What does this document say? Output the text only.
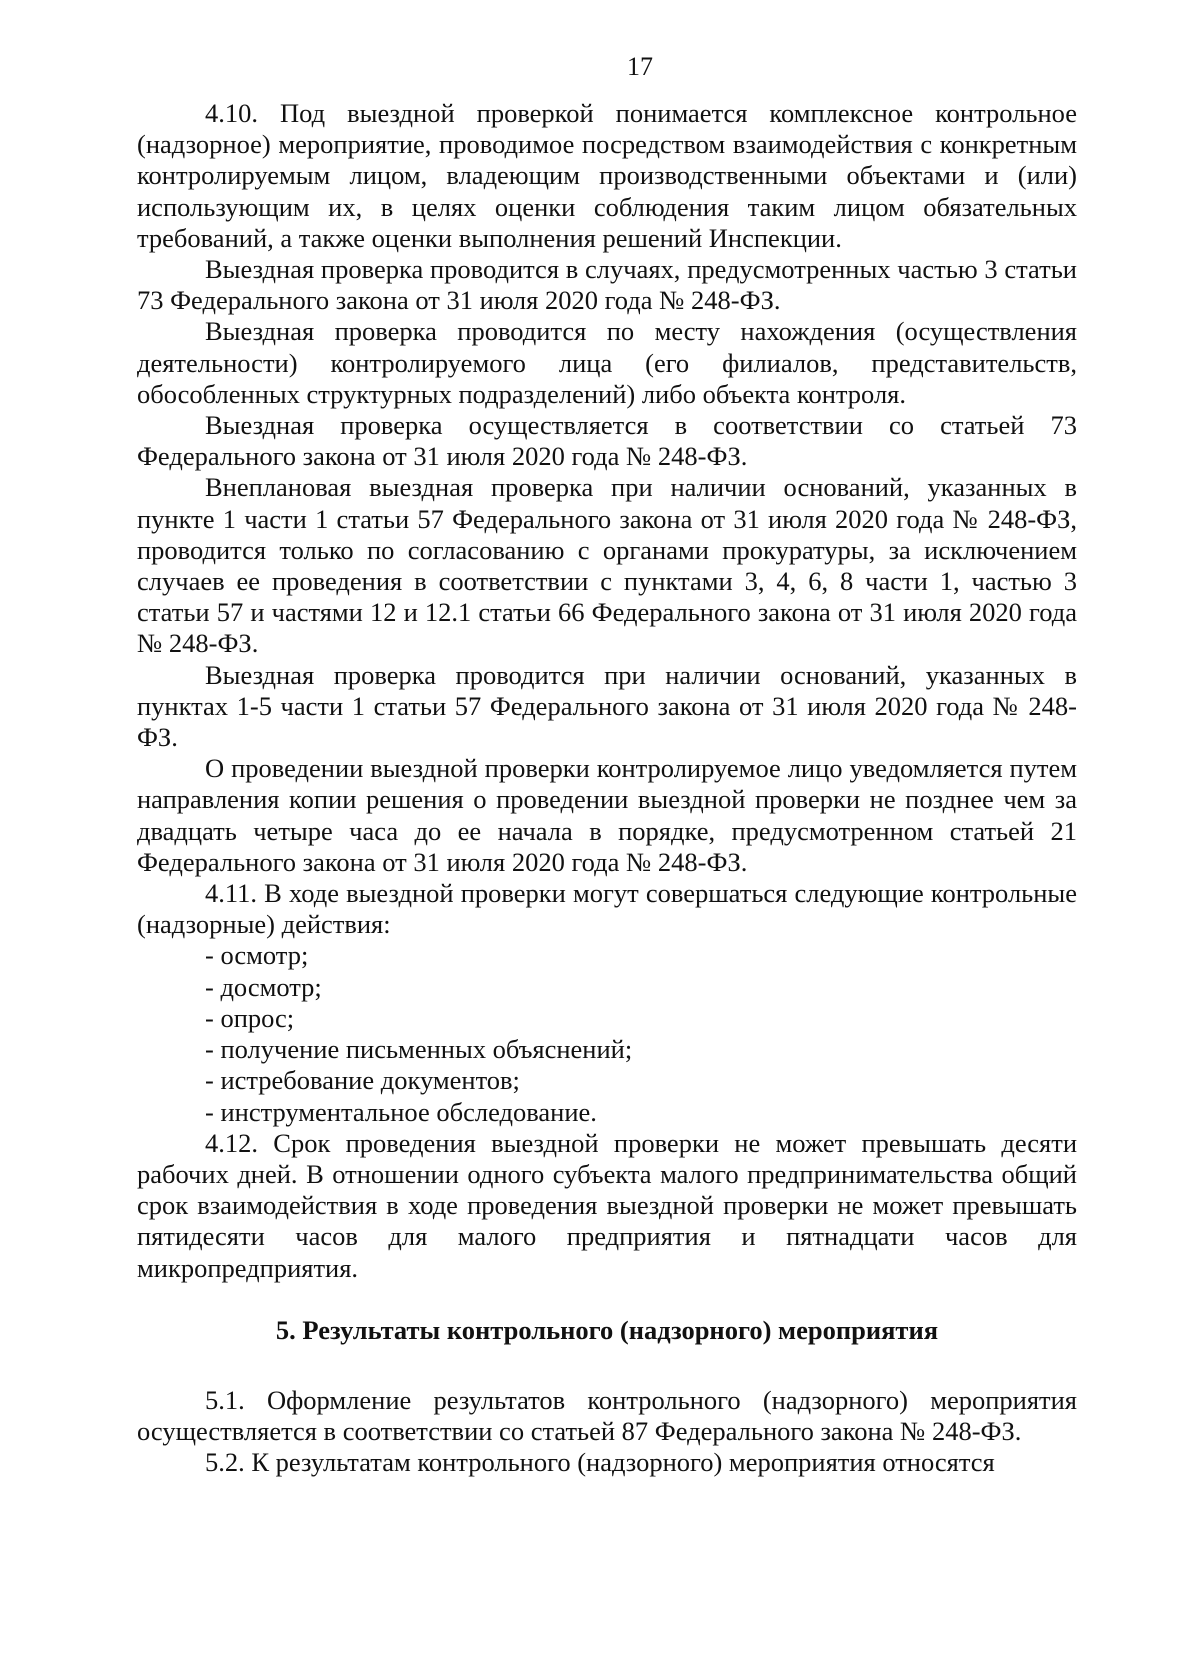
17

4.10. Под выездной проверкой понимается комплексное контрольное (надзорное) мероприятие, проводимое посредством взаимодействия с конкретным контролируемым лицом, владеющим производственными объектами и (или) использующим их, в целях оценки соблюдения таким лицом обязательных требований, а также оценки выполнения решений Инспекции.

Выездная проверка проводится в случаях, предусмотренных частью 3 статьи 73 Федерального закона от 31 июля 2020 года № 248-ФЗ.

Выездная проверка проводится по месту нахождения (осуществления деятельности) контролируемого лица (его филиалов, представительств, обособленных структурных подразделений) либо объекта контроля.

Выездная проверка осуществляется в соответствии со статьей 73 Федерального закона от 31 июля 2020 года № 248-ФЗ.

Внеплановая выездная проверка при наличии оснований, указанных в пункте 1 части 1 статьи 57 Федерального закона от 31 июля 2020 года № 248-ФЗ, проводится только по согласованию с органами прокуратуры, за исключением случаев ее проведения в соответствии с пунктами 3, 4, 6, 8 части 1, частью 3 статьи 57 и частями 12 и 12.1 статьи 66 Федерального закона от 31 июля 2020 года № 248-ФЗ.

Выездная проверка проводится при наличии оснований, указанных в пунктах 1-5 части 1 статьи 57 Федерального закона от 31 июля 2020 года № 248-ФЗ.

О проведении выездной проверки контролируемое лицо уведомляется путем направления копии решения о проведении выездной проверки не позднее чем за двадцать четыре часа до ее начала в порядке, предусмотренном статьей 21 Федерального закона от 31 июля 2020 года № 248-ФЗ.

4.11. В ходе выездной проверки могут совершаться следующие контрольные (надзорные) действия:

- осмотр;
- досмотр;
- опрос;
- получение письменных объяснений;
- истребование документов;
- инструментальное обследование.

4.12. Срок проведения выездной проверки не может превышать десяти рабочих дней. В отношении одного субъекта малого предпринимательства общий срок взаимодействия в ходе проведения выездной проверки не может превышать пятидесяти часов для малого предприятия и пятнадцати часов для микропредприятия.

5. Результаты контрольного (надзорного) мероприятия

5.1. Оформление результатов контрольного (надзорного) мероприятия осуществляется в соответствии со статьей 87 Федерального закона № 248-ФЗ.

5.2. К результатам контрольного (надзорного) мероприятия относятся
